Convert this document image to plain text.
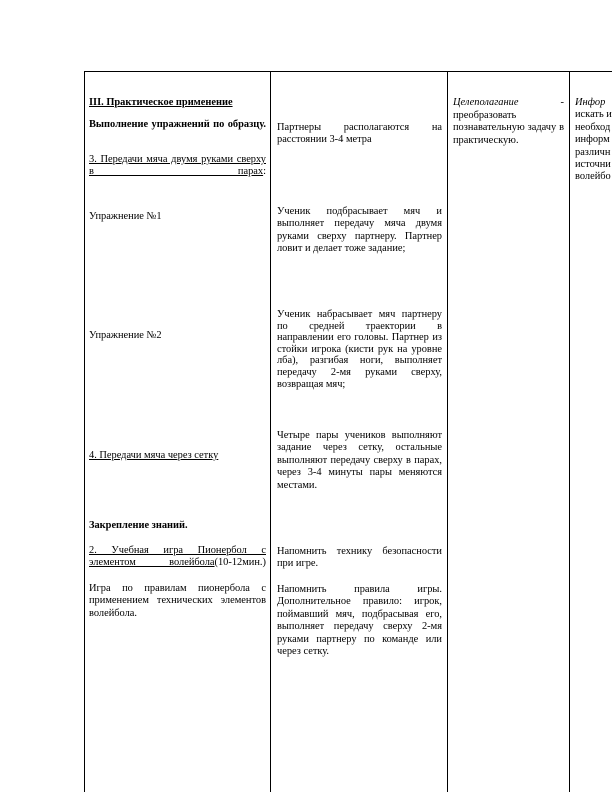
III. Практическое применение

Выполнение упражнений по образцу.
3. Передачи мяча двумя руками сверху в парах:
Упражнение №1
Упражнение №2
4. Передачи мяча через сетку
Закрепление знаний.
2. Учебная игра Пионербол с элементом волейбола(10-12мин.)
Игра по правилам пионербола с применением технических элементов волейбола.
Партнеры располагаются на расстоянии 3-4 метра
Ученик подбрасывает мяч и выполняет передачу мяча двумя руками сверху партнеру. Партнер ловит и делает тоже задание;
Ученик набрасывает мяч партнеру по средней траектории в направлении его головы. Партнер из стойки игрока (кисти рук на уровне лба), разгибая ноги, выполняет передачу 2-мя руками сверху, возвращая мяч;
Четыре пары учеников выполняют задание через сетку, остальные выполняют передачу сверху в парах, через 3-4 минуты пары меняются местами.
Напомнить технику безопасности при игре.
Напомнить правила игры. Дополнительное правило: игрок, поймавший мяч, подбрасывая его, выполняет передачу сверху 2-мя руками партнеру по команде или через сетку.
Целеполагание	-
преобразовать познавательную задачу в практическую.
Инфор
искать и
необход
информ
различн
источни
волейбо
